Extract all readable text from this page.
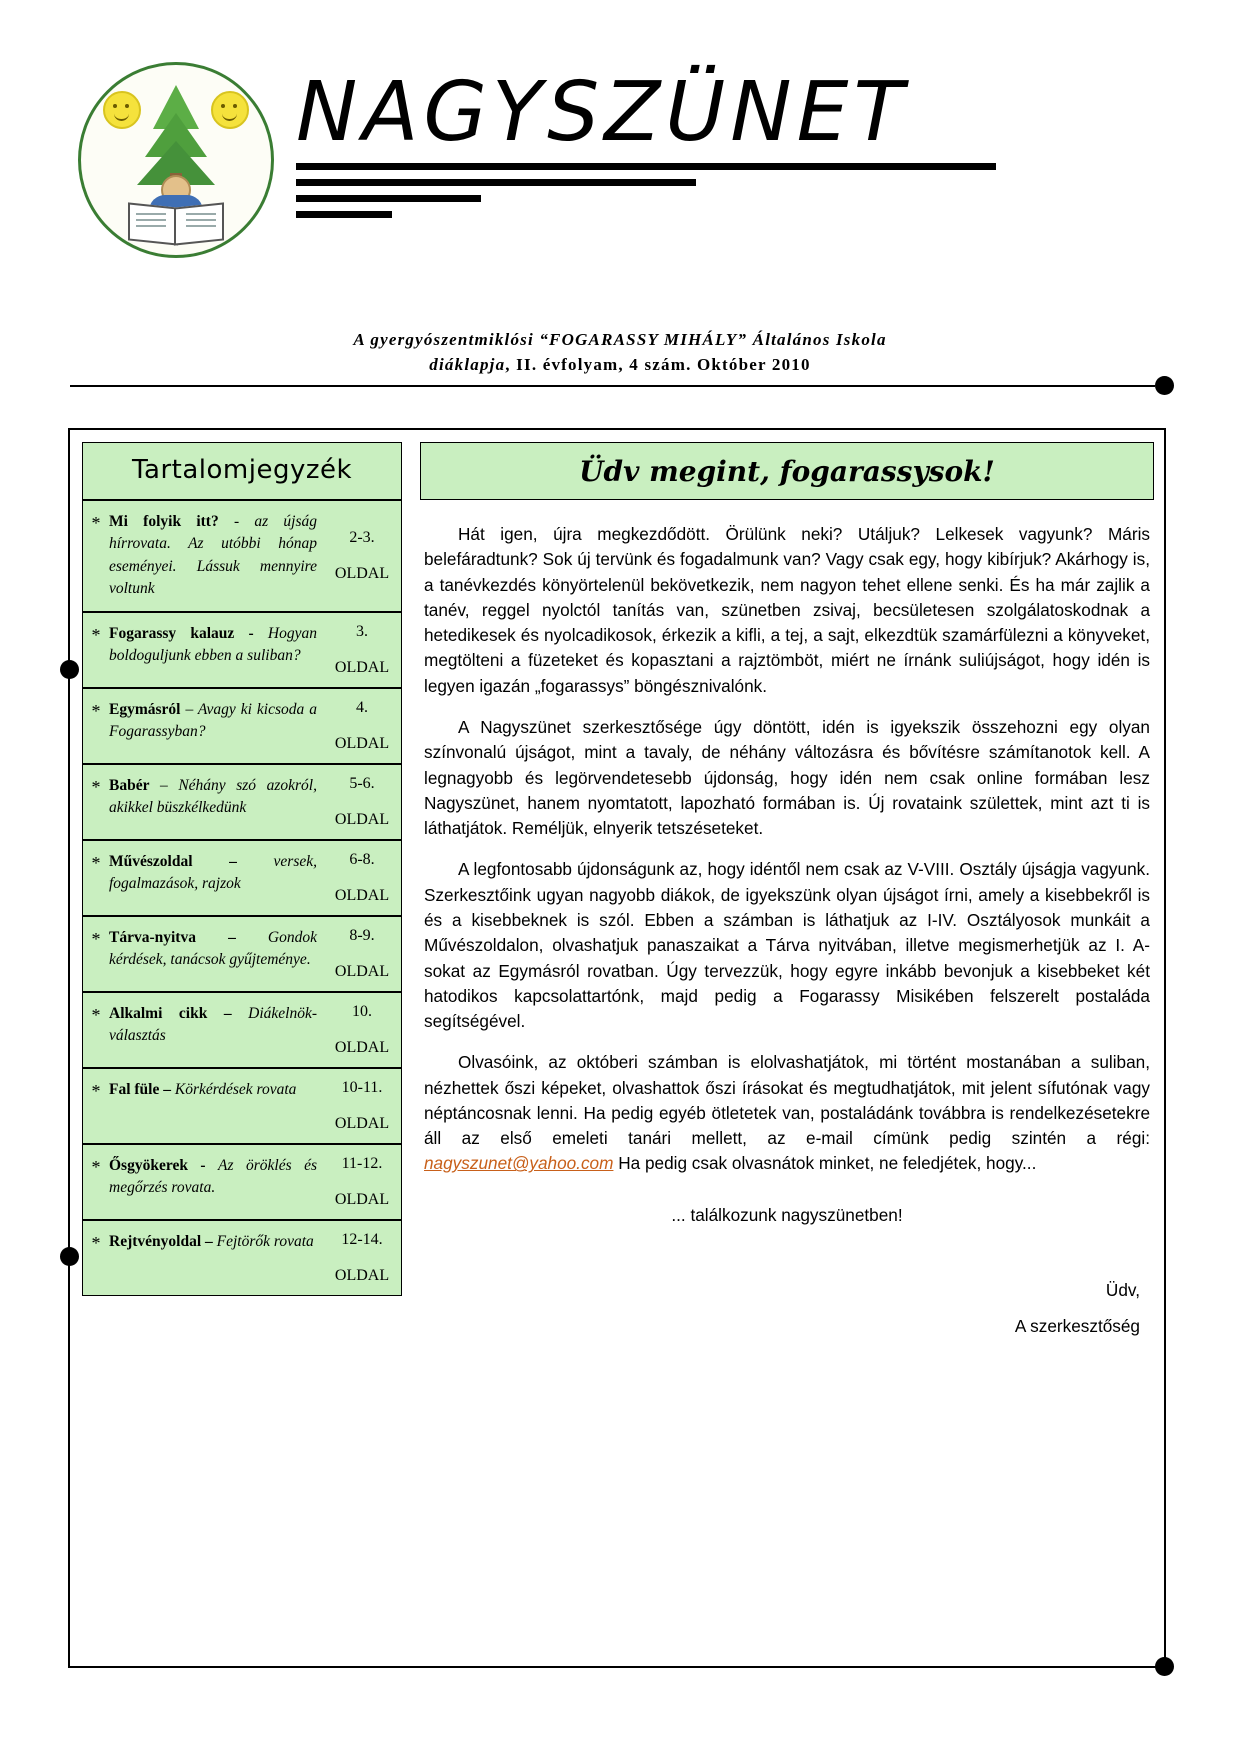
NAGYSZÜNET
A gyergyószentmiklósi “FOGARASSY MIHÁLY” Általános Iskola
diáklapja, II. évfolyam, 4 szám. Október 2010
Tartalomjegyzék
* Mi folyik itt? - az újság hírrovata. Az utóbbi hónap eseményei. Lássuk mennyire voltunk
2-3.
OLDAL
* Fogarassy kalauz - Hogyan boldoguljunk ebben a suliban?
3.
OLDAL
* Egymásról – Avagy ki kicsoda a Fogarassyban?
4.
OLDAL
* Babér – Néhány szó azokról, akikkel büszkélkedünk
5-6.
OLDAL
* Művészoldal – versek, fogalmazások, rajzok
6-8.
OLDAL
* Tárva-nyitva – Gondok kérdések, tanácsok gyűjteménye.
8-9.
OLDAL
* Alkalmi cikk – Diákelnök-választás
10.
OLDAL
* Fal füle – Körkérdések rovata	10-11.
OLDAL
* Ősgyökerek - Az öröklés és megőrzés rovata.
11-12.
OLDAL
* Rejtvényoldal – Fejtörők rovata	12-14.
OLDAL
Üdv megint, fogarassysok!

Hát igen, újra megkezdődött. Örülünk neki? Utáljuk? Lelkesek vagyunk? Máris belefáradtunk? Sok új tervünk és fogadalmunk van? Vagy csak egy, hogy kibírjuk? Akárhogy is, a tanévkezdés könyörtelenül bekövetkezik, nem nagyon tehet ellene senki. És ha már zajlik a tanév, reggel nyolctól tanítás van, szünetben zsivaj, becsületesen szolgálatoskodnak a hetedikesek és nyolcadikosok, érkezik a kifli, a tej, a sajt, elkezdtük szamárfülezni a könyveket, megtölteni a füzeteket és kopasztani a rajztömböt, miért ne írnánk suliújságot, hogy idén is legyen igazán „fogarassys” böngésznivalónk.

A Nagyszünet szerkesztősége úgy döntött, idén is igyekszik összehozni egy olyan színvonalú újságot, mint a tavaly, de néhány változásra és bővítésre számítanotok kell. A legnagyobb és legörvendetesebb újdonság, hogy idén nem csak online formában lesz Nagyszünet, hanem nyomtatott, lapozható formában is. Új rovataink születtek, mint azt ti is láthatjátok. Reméljük, elnyerik tetszéseteket.

A legfontosabb újdonságunk az, hogy idéntől nem csak az V-VIII. Osztály újságja vagyunk. Szerkesztőink ugyan nagyobb diákok, de igyekszünk olyan újságot írni, amely a kisebbekről is és a kisebbeknek is szól. Ebben a számban is láthatjuk az I-IV. Osztályosok munkáit a Művészoldalon, olvashatjuk panaszaikat a Tárva nyitvában, illetve megismerhetjük az I. A-sokat az Egymásról rovatban. Úgy tervezzük, hogy egyre inkább bevonjuk a kisebbeket két hatodikos kapcsolattartónk, majd pedig a Fogarassy Misikében felszerelt postaláda segítségével.

Olvasóink, az októberi számban is elolvashatjátok, mi történt mostanában a suliban, nézhettek őszi képeket, olvashattok őszi írásokat és megtudhatjátok, mit jelent sífutónak vagy néptáncosnak lenni. Ha pedig egyéb ötletetek van, postaládánk továbbra is rendelkezésetekre áll az első emeleti tanári mellett, az e-mail címünk pedig szintén a régi: nagyszunet@yahoo.com Ha pedig csak olvasnátok minket, ne feledjétek, hogy...

... találkozunk nagyszünetben!
Üdv,
A szerkesztőség
